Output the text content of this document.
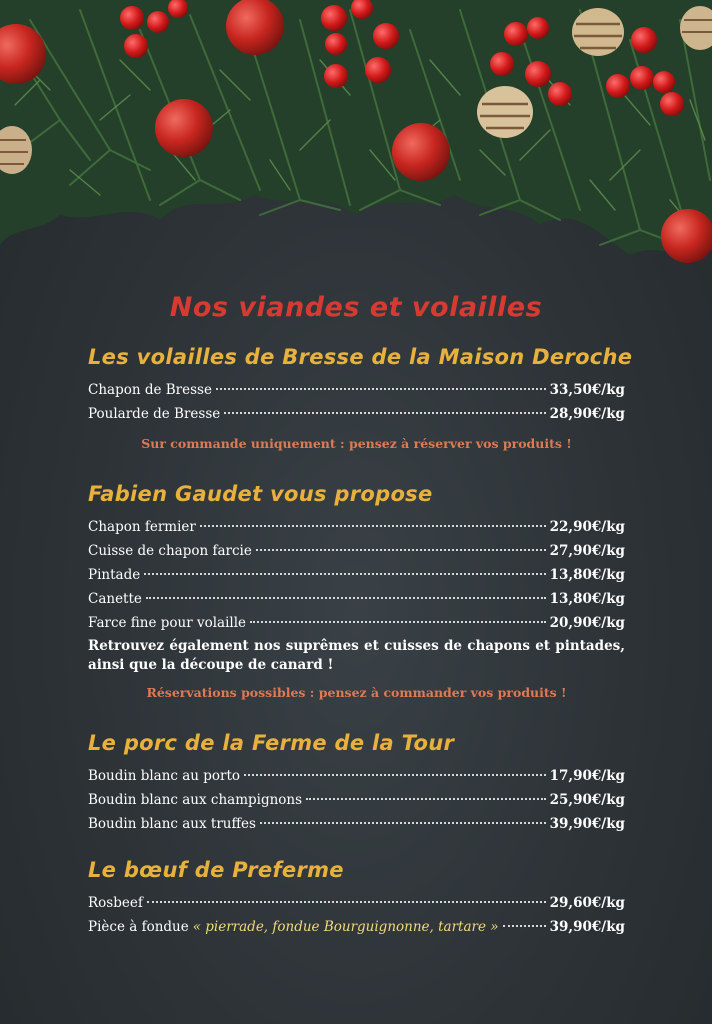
Nos viandes et volailles
Les volailles de Bresse de la Maison Deroche
Chapon de Bresse	33,50€/kg
Poularde de Bresse	28,90€/kg
Sur commande uniquement : pensez à réserver vos produits !
Fabien Gaudet vous propose
Chapon fermier	22,90€/kg
Cuisse de chapon farcie	27,90€/kg
Pintade	13,80€/kg
Canette	13,80€/kg
Farce fine pour volaille	20,90€/kg
Retrouvez également nos suprêmes et cuisses de chapons et pintades, ainsi que la découpe de canard !
Réservations possibles : pensez à commander vos produits !
Le porc de la Ferme de la Tour
Boudin blanc au porto	17,90€/kg
Boudin blanc aux champignons	25,90€/kg
Boudin blanc aux truffes	39,90€/kg
Le bœuf de Preferme
Rosbeef	29,60€/kg
Pièce à fondue « pierrade, fondue Bourguignonne, tartare »	39,90€/kg
